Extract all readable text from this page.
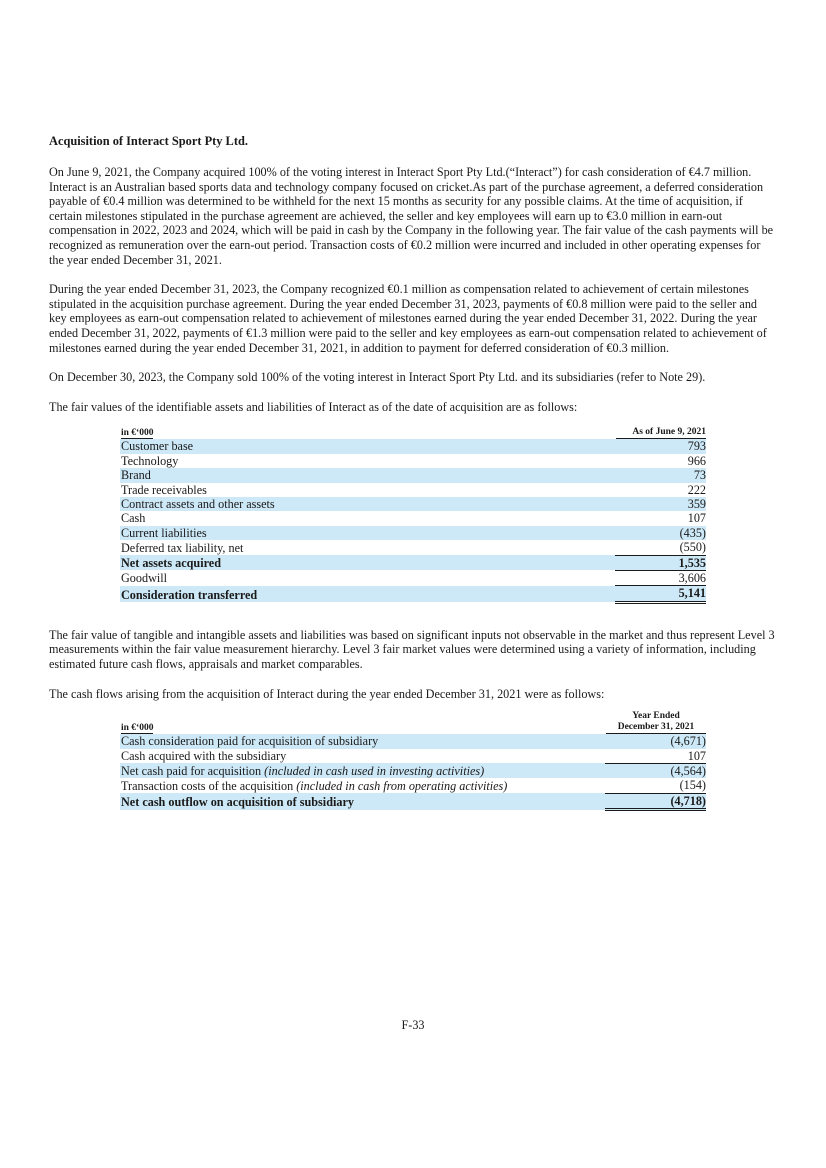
Acquisition of Interact Sport Pty Ltd.

On June 9, 2021, the Company acquired 100% of the voting interest in Interact Sport Pty Ltd.(“Interact”) for cash consideration of €4.7 million. Interact is an Australian based sports data and technology company focused on cricket.As part of the purchase agreement, a deferred consideration payable of €0.4 million was determined to be withheld for the next 15 months as security for any possible claims. At the time of acquisition, if certain milestones stipulated in the purchase agreement are achieved, the seller and key employees will earn up to €3.0 million in earn-out compensation in 2022, 2023 and 2024, which will be paid in cash by the Company in the following year. The fair value of the cash payments will be recognized as remuneration over the earn-out period. Transaction costs of €0.2 million were incurred and included in other operating expenses for the year ended December 31, 2021.

During the year ended December 31, 2023, the Company recognized €0.1 million as compensation related to achievement of certain milestones stipulated in the acquisition purchase agreement. During the year ended December 31, 2023, payments of €0.8 million were paid to the seller and key employees as earn-out compensation related to achievement of milestones earned during the year ended December 31, 2022. During the year ended December 31, 2022, payments of €1.3 million were paid to the seller and key employees as earn-out compensation related to achievement of milestones earned during the year ended December 31, 2021, in addition to payment for deferred consideration of €0.3 million.

On December 30, 2023, the Company sold 100% of the voting interest in Interact Sport Pty Ltd. and its subsidiaries (refer to Note 29).

The fair values of the identifiable assets and liabilities of Interact as of the date of acquisition are as follows:

in €‘000	As of June 9, 2021

Customer base	793
Technology	966
Brand	73
Trade receivables	222
Contract assets and other assets	359
Cash	107
Current liabilities	(435)
Deferred tax liability, net	(550)
Net assets acquired	1,535
Goodwill	3,606
Consideration transferred	5,141

The fair value of tangible and intangible assets and liabilities was based on significant inputs not observable in the market and thus represent Level 3 measurements within the fair value measurement hierarchy. Level 3 fair market values were determined using a variety of information, including estimated future cash flows, appraisals and market comparables.

The cash flows arising from the acquisition of Interact during the year ended December 31, 2021 were as follows:

in €‘000	Year Ended
December 31, 2021

Cash consideration paid for acquisition of subsidiary	(4,671)
Cash acquired with the subsidiary	107
Net cash paid for acquisition (included in cash used in investing activities)	(4,564)
Transaction costs of the acquisition (included in cash from operating activities)	(154)
Net cash outflow on acquisition of subsidiary	(4,718)
F-33
